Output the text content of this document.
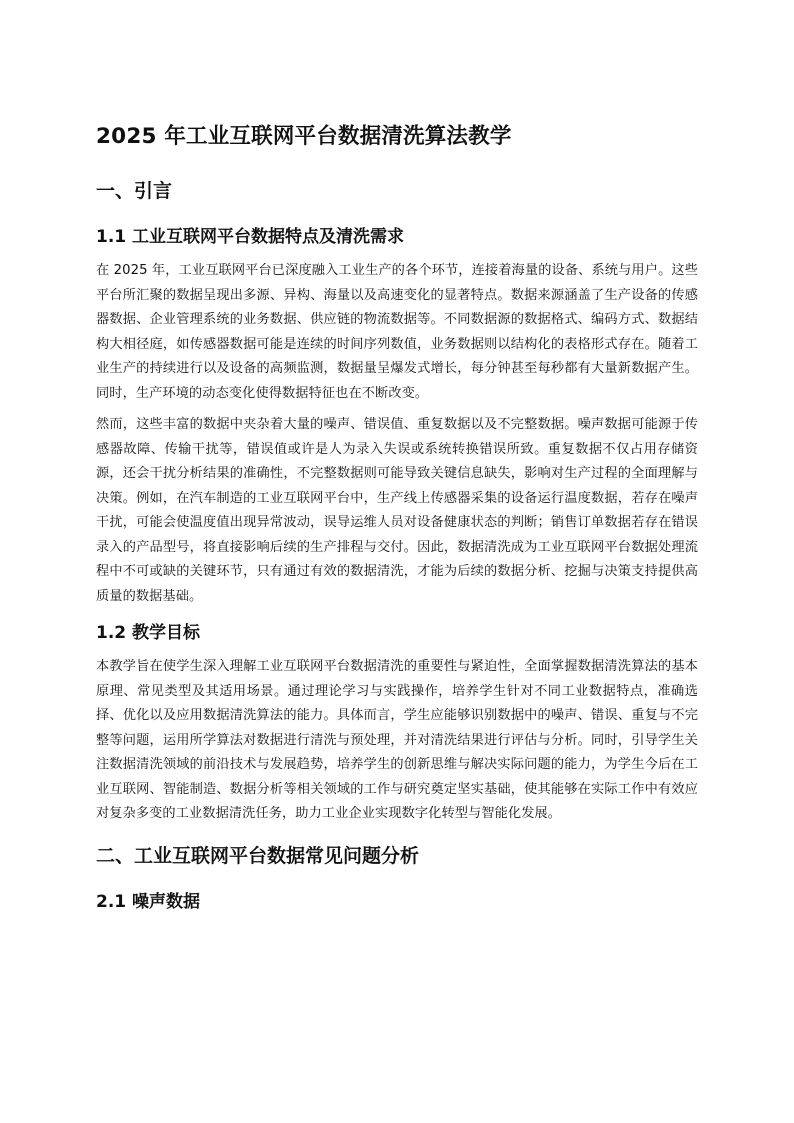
2025 年工业互联网平台数据清洗算法教学
一、引言
1.1 工业互联网平台数据特点及清洗需求

在 2025 年，工业互联网平台已深度融入工业生产的各个环节，连接着海量的设备、系统与用户。这些平台所汇聚的数据呈现出多源、异构、海量以及高速变化的显著特点。数据来源涵盖了生产设备的传感器数据、企业管理系统的业务数据、供应链的物流数据等。不同数据源的数据格式、编码方式、数据结构大相径庭，如传感器数据可能是连续的时间序列数值，业务数据则以结构化的表格形式存在。随着工业生产的持续进行以及设备的高频监测，数据量呈爆发式增长，每分钟甚至每秒都有大量新数据产生。同时，生产环境的动态变化使得数据特征也在不断改变。

然而，这些丰富的数据中夹杂着大量的噪声、错误值、重复数据以及不完整数据。噪声数据可能源于传感器故障、传输干扰等，错误值或许是人为录入失误或系统转换错误所致。重复数据不仅占用存储资源，还会干扰分析结果的准确性，不完整数据则可能导致关键信息缺失，影响对生产过程的全面理解与决策。例如，在汽车制造的工业互联网平台中，生产线上传感器采集的设备运行温度数据，若存在噪声干扰，可能会使温度值出现异常波动，误导运维人员对设备健康状态的判断；销售订单数据若存在错误录入的产品型号，将直接影响后续的生产排程与交付。因此，数据清洗成为工业互联网平台数据处理流程中不可或缺的关键环节，只有通过有效的数据清洗，才能为后续的数据分析、挖掘与决策支持提供高质量的数据基础。

1.2 教学目标

本教学旨在使学生深入理解工业互联网平台数据清洗的重要性与紧迫性，全面掌握数据清洗算法的基本原理、常见类型及其适用场景。通过理论学习与实践操作，培养学生针对不同工业数据特点，准确选择、优化以及应用数据清洗算法的能力。具体而言，学生应能够识别数据中的噪声、错误、重复与不完整等问题，运用所学算法对数据进行清洗与预处理，并对清洗结果进行评估与分析。同时，引导学生关注数据清洗领域的前沿技术与发展趋势，培养学生的创新思维与解决实际问题的能力，为学生今后在工业互联网、智能制造、数据分析等相关领域的工作与研究奠定坚实基础，使其能够在实际工作中有效应对复杂多变的工业数据清洗任务，助力工业企业实现数字化转型与智能化发展。

二、工业互联网平台数据常见问题分析
2.1 噪声数据
